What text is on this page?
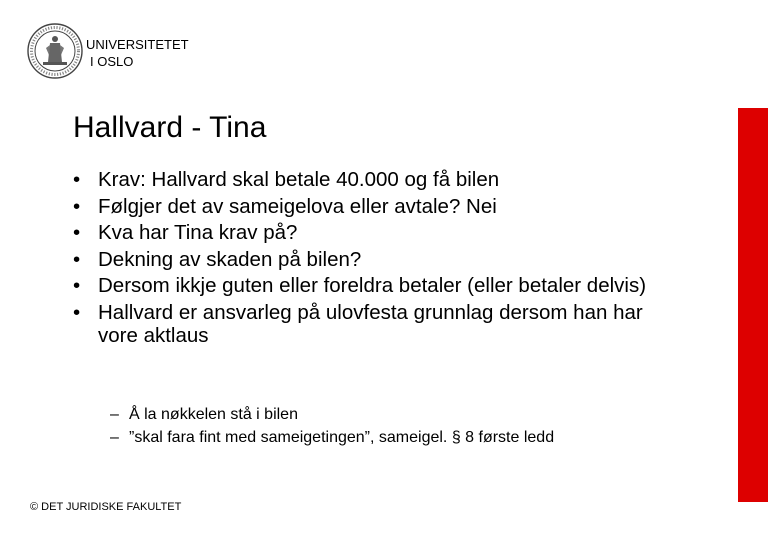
UNIVERSITETET
I OSLO
Hallvard - Tina
• Krav: Hallvard skal betale 40.000 og få bilen
• Følgjer det av sameigelova eller avtale? Nei
• Kva har Tina krav på?
• Dekning av skaden på bilen?
• Dersom ikkje guten eller foreldra betaler (eller betaler delvis)
• Hallvard er ansvarleg på ulovfesta grunnlag dersom han har vore aktlaus
– Å la nøkkelen stå i bilen
– ”skal fara fint med sameigetingen”, sameigel. § 8 første ledd
© DET JURIDISKE FAKULTET
